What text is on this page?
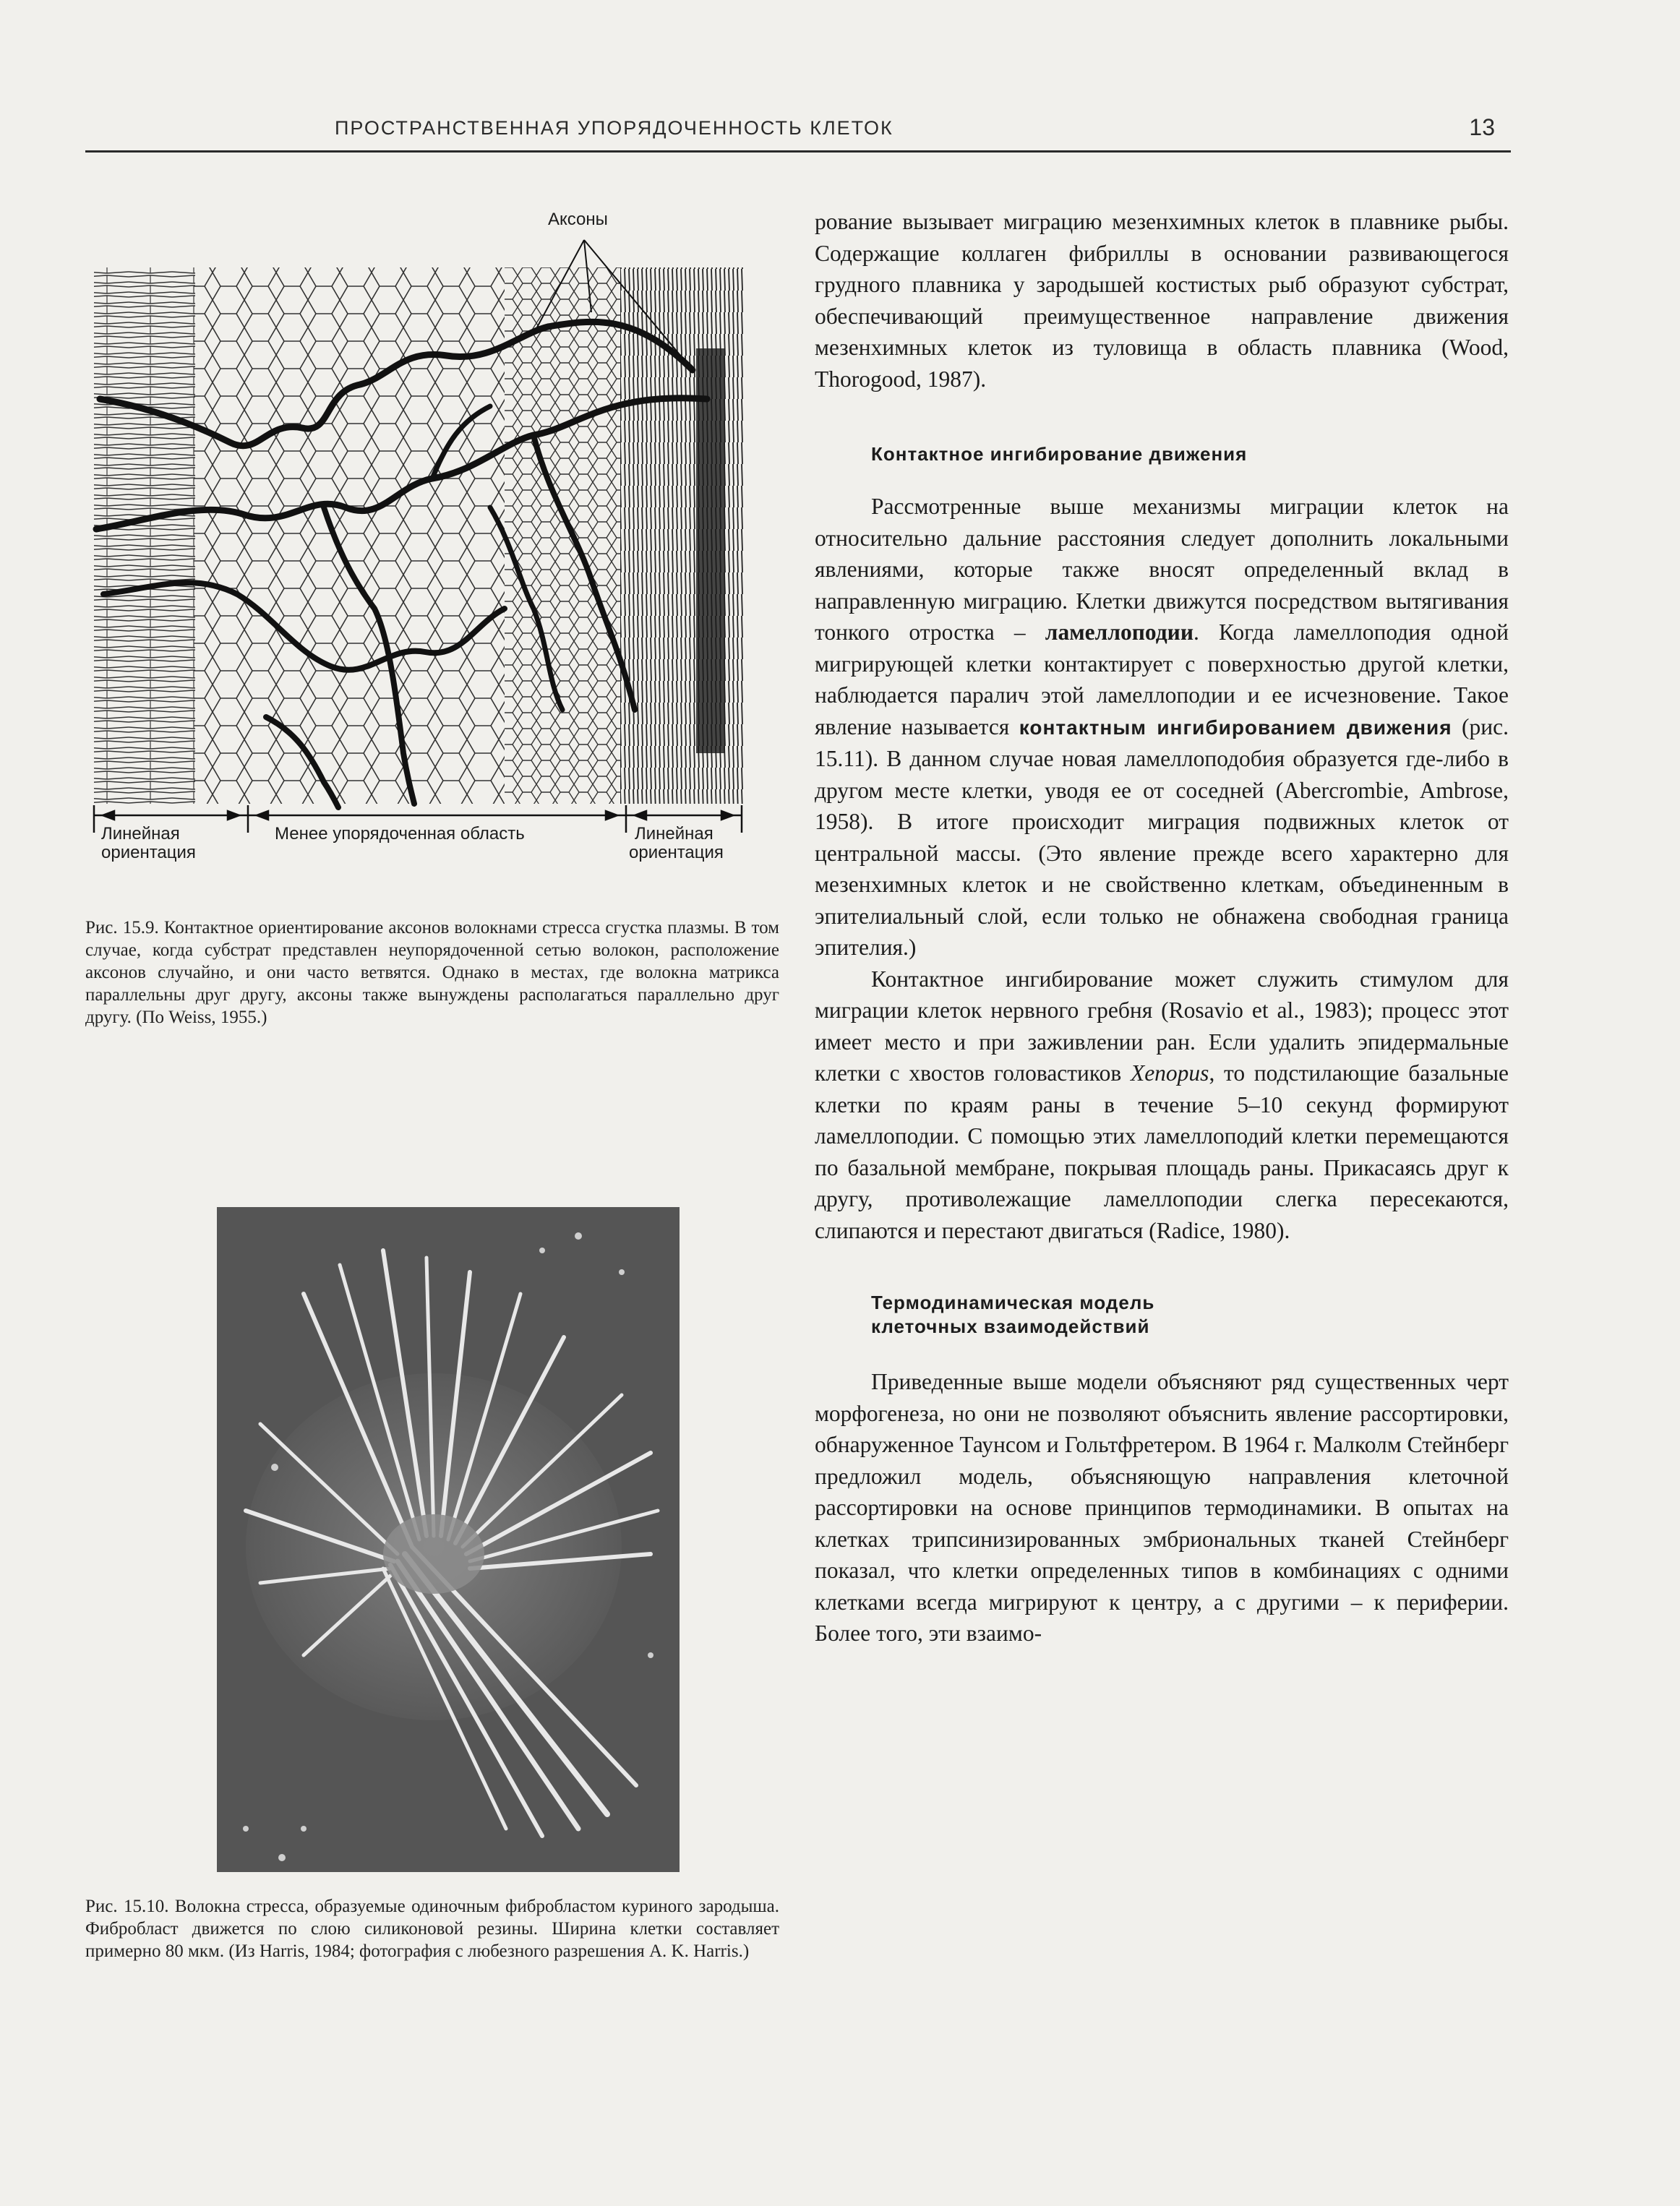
ПРОСТРАНСТВЕННАЯ УПОРЯДОЧЕННОСТЬ КЛЕТОК	13
Аксоны
Линейная
ориентация
Менее упорядоченная область	Линейная
ориентация

Рис. 15.9. Контактное ориентирование аксонов волокнами стресса сгустка плазмы. В том случае, когда субстрат представлен неупорядоченной сетью волокон, расположение аксонов случайно, и они часто ветвятся. Однако в местах, где волокна матрикса параллельны друг другу, аксоны также вынуждены располагаться параллельно друг другу. (По Weiss, 1955.)

Рис. 15.10. Волокна стресса, образуемые одиночным фибробластом куриного зародыша. Фибробласт движется по слою силиконовой резины. Ширина клетки составляет примерно 80 мкм. (Из Harris, 1984; фотография с любезного разрешения A. K. Harris.)

рование вызывает миграцию мезенхимных клеток в плавнике рыбы. Содержащие коллаген фибриллы в основании развивающегося грудного плавника у зародышей костистых рыб образуют субстрат, обеспечивающий преимущественное направление движения мезенхимных клеток из туловища в область плавника (Wood, Thorogood, 1987).

Контактное ингибирование движения

Рассмотренные выше механизмы миграции клеток на относительно дальние расстояния следует дополнить локальными явлениями, которые также вносят определенный вклад в направленную миграцию. Клетки движутся посредством вытягивания тонкого отростка – ламеллоподии. Когда ламеллоподия одной мигрирующей клетки контактирует с поверхностью другой клетки, наблюдается паралич этой ламеллоподии и ее исчезновение. Такое явление называется контактным ингибированием движения (рис. 15.11). В данном случае новая ламеллоподобия образуется где-либо в другом месте клетки, уводя ее от соседней (Abercrombie, Ambrose, 1958). В итоге происходит миграция подвижных клеток от центральной массы. (Это явление прежде всего характерно для мезенхимных клеток и не свойственно клеткам, объединенным в эпителиальный слой, если только не обнажена свободная граница эпителия.)

Контактное ингибирование может служить стимулом для миграции клеток нервного гребня (Rosavio et al., 1983); процесс этот имеет место и при заживлении ран. Если удалить эпидермальные клетки с хвостов головастиков Xenopus, то подстилающие базальные клетки по краям раны в течение 5–10 секунд формируют ламеллоподии. С помощью этих ламеллоподий клетки перемещаются по базальной мембране, покрывая площадь раны. Прикасаясь друг к другу, противолежащие ламеллоподии слегка пересекаются, слипаются и перестают двигаться (Radice, 1980).

Термодинамическая модель
клеточных взаимодействий

Приведенные выше модели объясняют ряд существенных черт морфогенеза, но они не позволяют объяснить явление рассортировки, обнаруженное Таунсом и Гольтфретером. В 1964 г. Малколм Стейнберг предложил модель, объясняющую направления клеточной рассортировки на основе принципов термодинамики. В опытах на клетках трипсинизированных эмбриональных тканей Стейнберг показал, что клетки определенных типов в комбинациях с одними клетками всегда мигрируют к центру, а с другими – к периферии. Более того, эти взаимо-
